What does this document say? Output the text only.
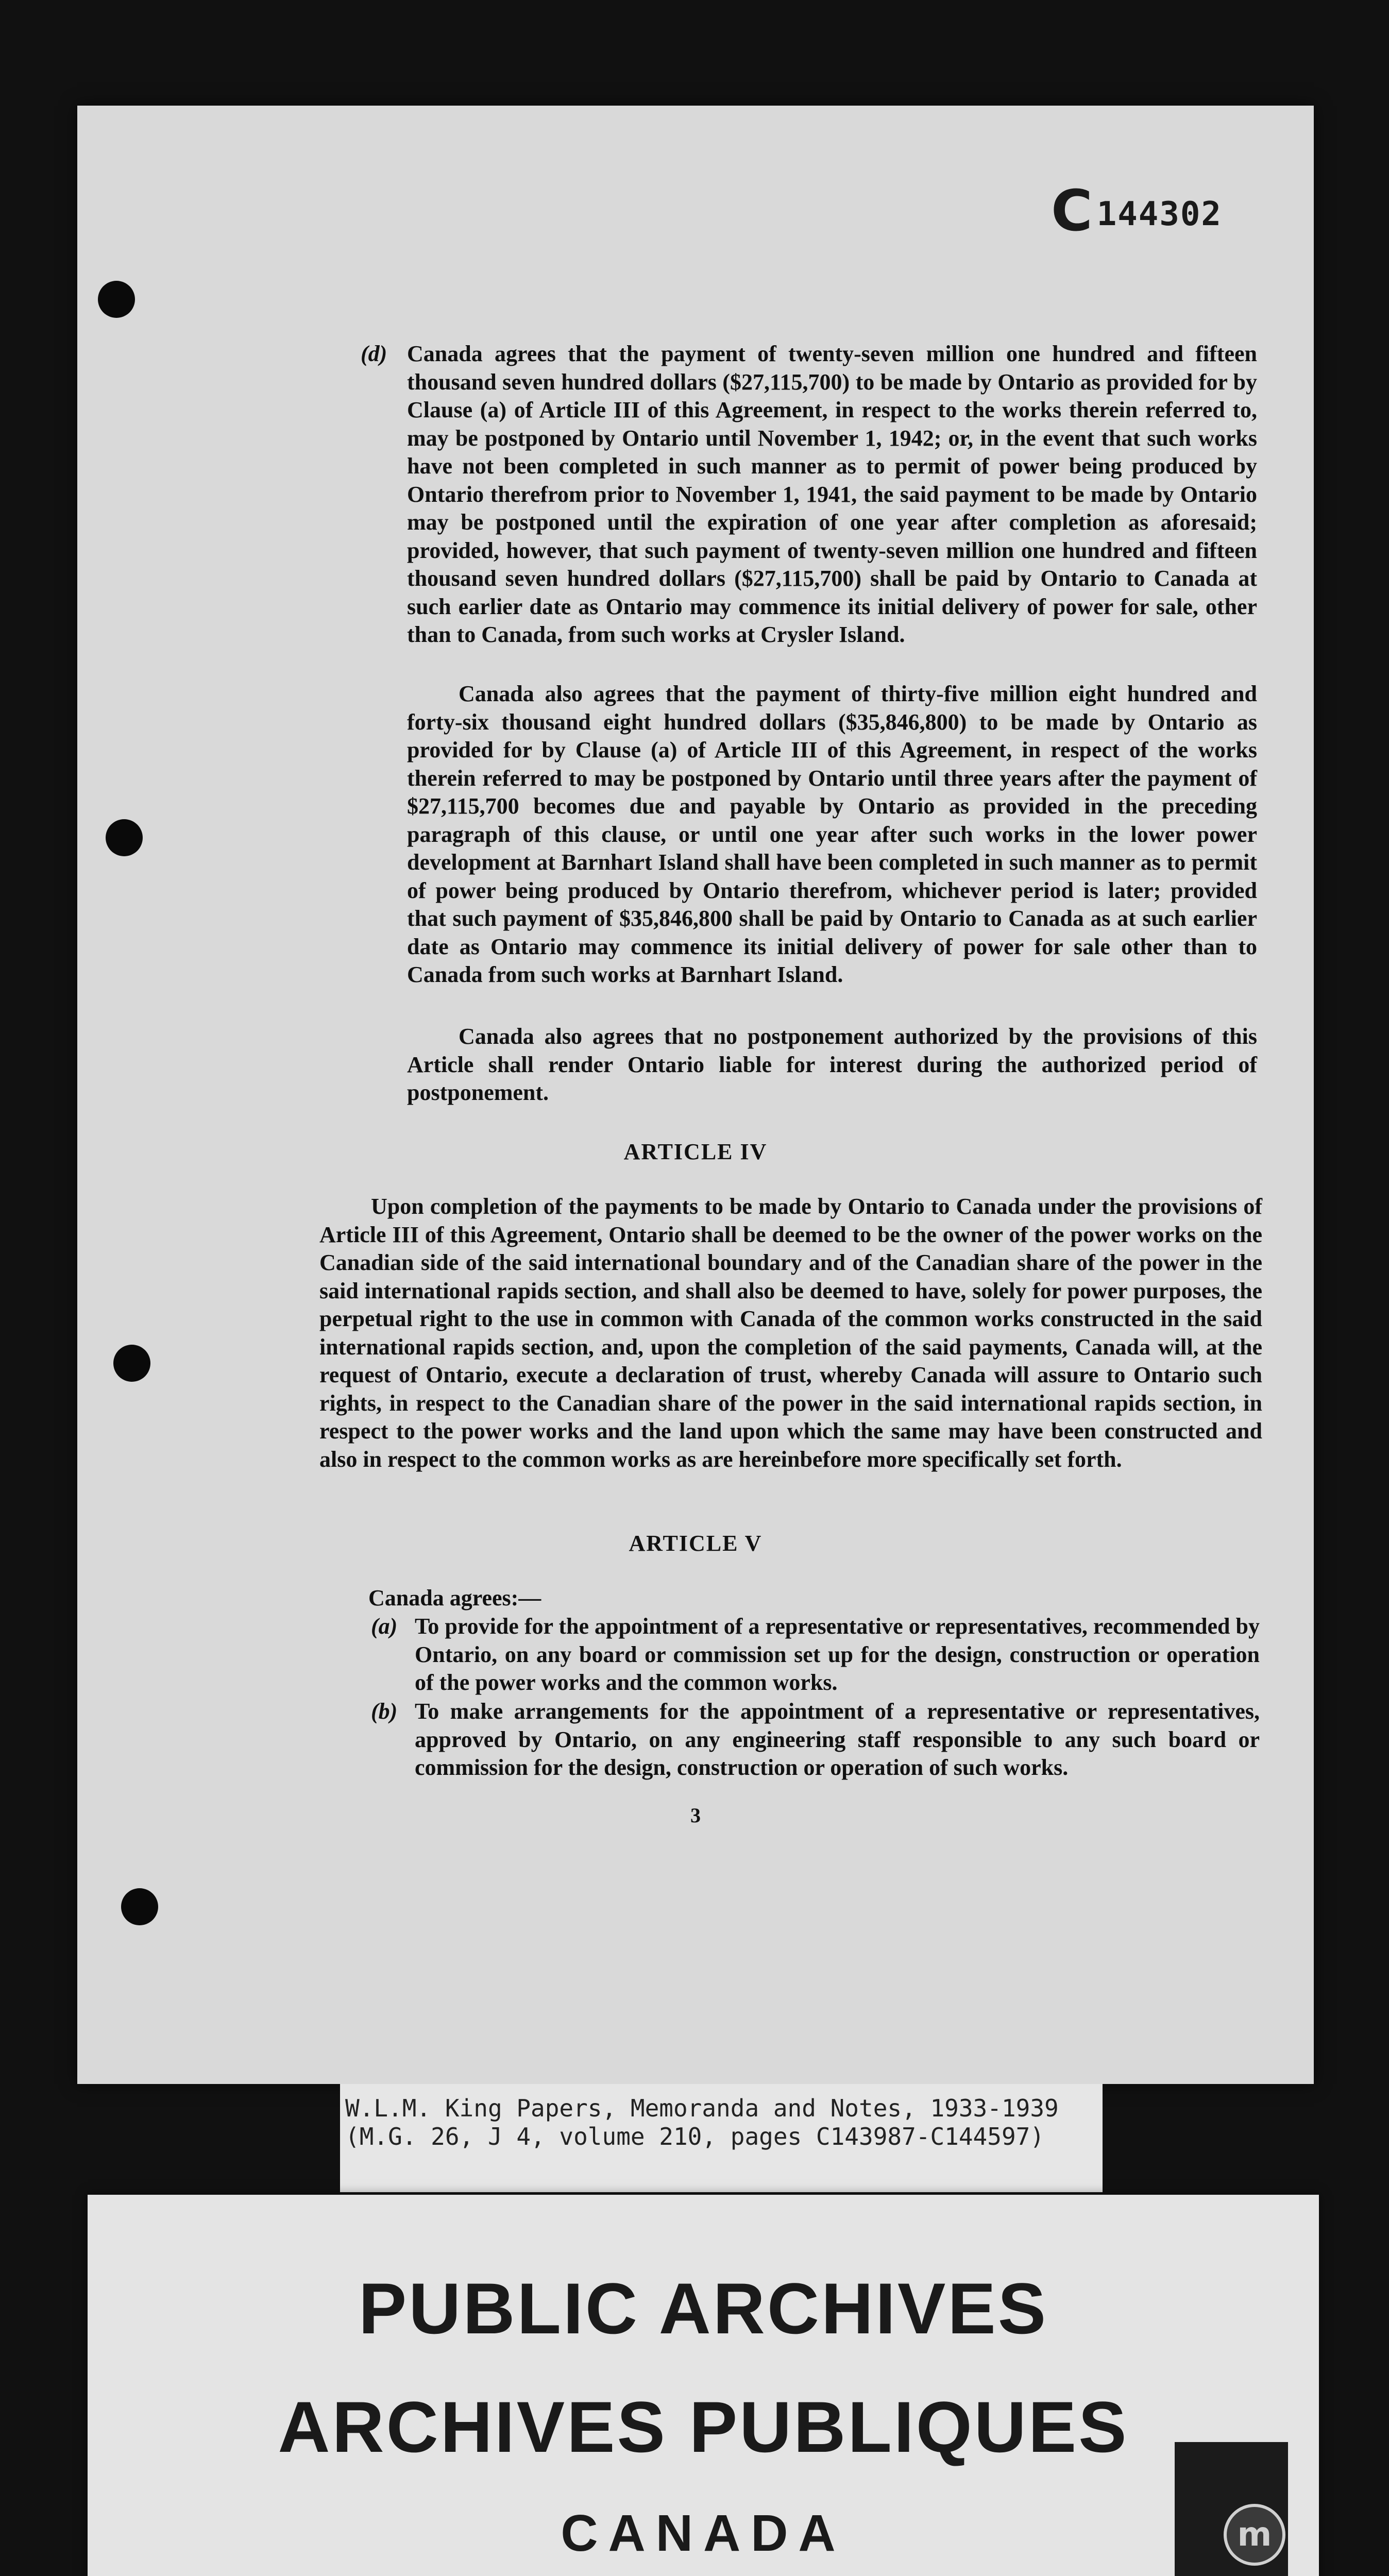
C144302
(d) Canada agrees that the payment of twenty-seven million one hundred and fifteen thousand seven hundred dollars ($27,115,700) to be made by Ontario as provided for by Clause (a) of Article III of this Agreement, in respect to the works therein referred to, may be postponed by Ontario until November 1, 1942; or, in the event that such works have not been completed in such manner as to permit of power being produced by Ontario therefrom prior to November 1, 1941, the said payment to be made by Ontario may be postponed until the expiration of one year after completion as aforesaid; provided, however, that such payment of twenty-seven million one hundred and fifteen thousand seven hundred dollars ($27,115,700) shall be paid by Ontario to Canada at such earlier date as Ontario may commence its initial delivery of power for sale, other than to Canada, from such works at Crysler Island.

Canada also agrees that the payment of thirty-five million eight hundred and forty-six thousand eight hundred dollars ($35,846,800) to be made by Ontario as provided for by Clause (a) of Article III of this Agreement, in respect of the works therein referred to may be postponed by Ontario until three years after the payment of $27,115,700 becomes due and payable by Ontario as provided in the preceding paragraph of this clause, or until one year after such works in the lower power development at Barnhart Island shall have been completed in such manner as to permit of power being produced by Ontario therefrom, whichever period is later; provided that such payment of $35,846,800 shall be paid by Ontario to Canada as at such earlier date as Ontario may commence its initial delivery of power for sale other than to Canada from such works at Barnhart Island.

Canada also agrees that no postponement authorized by the provisions of this Article shall render Ontario liable for interest during the authorized period of postponement.

ARTICLE IV

Upon completion of the payments to be made by Ontario to Canada under the provisions of Article III of this Agreement, Ontario shall be deemed to be the owner of the power works on the Canadian side of the said international boundary and of the Canadian share of the power in the said international rapids section, and shall also be deemed to have, solely for power purposes, the perpetual right to the use in common with Canada of the common works constructed in the said international rapids section, and, upon the completion of the said payments, Canada will, at the request of Ontario, execute a declaration of trust, whereby Canada will assure to Ontario such rights, in respect to the Canadian share of the power in the said international rapids section, in respect to the power works and the land upon which the same may have been constructed and also in respect to the common works as are hereinbefore more specifically set forth.

ARTICLE V
Canada agrees:—
(a) To provide for the appointment of a representative or representatives, recommended by Ontario, on any board or commission set up for the design, construction or operation of the power works and the common works.

(b) To make arrangements for the appointment of a representative or representatives, approved by Ontario, on any engineering staff responsible to any such board or commission for the design, construction or operation of such works.

3
W.L.M. King Papers, Memoranda and Notes, 1933-1939
(M.G. 26, J 4, volume 210, pages C143987-C144597)
PUBLIC ARCHIVES
ARCHIVES PUBLIQUES
CANADA	m
